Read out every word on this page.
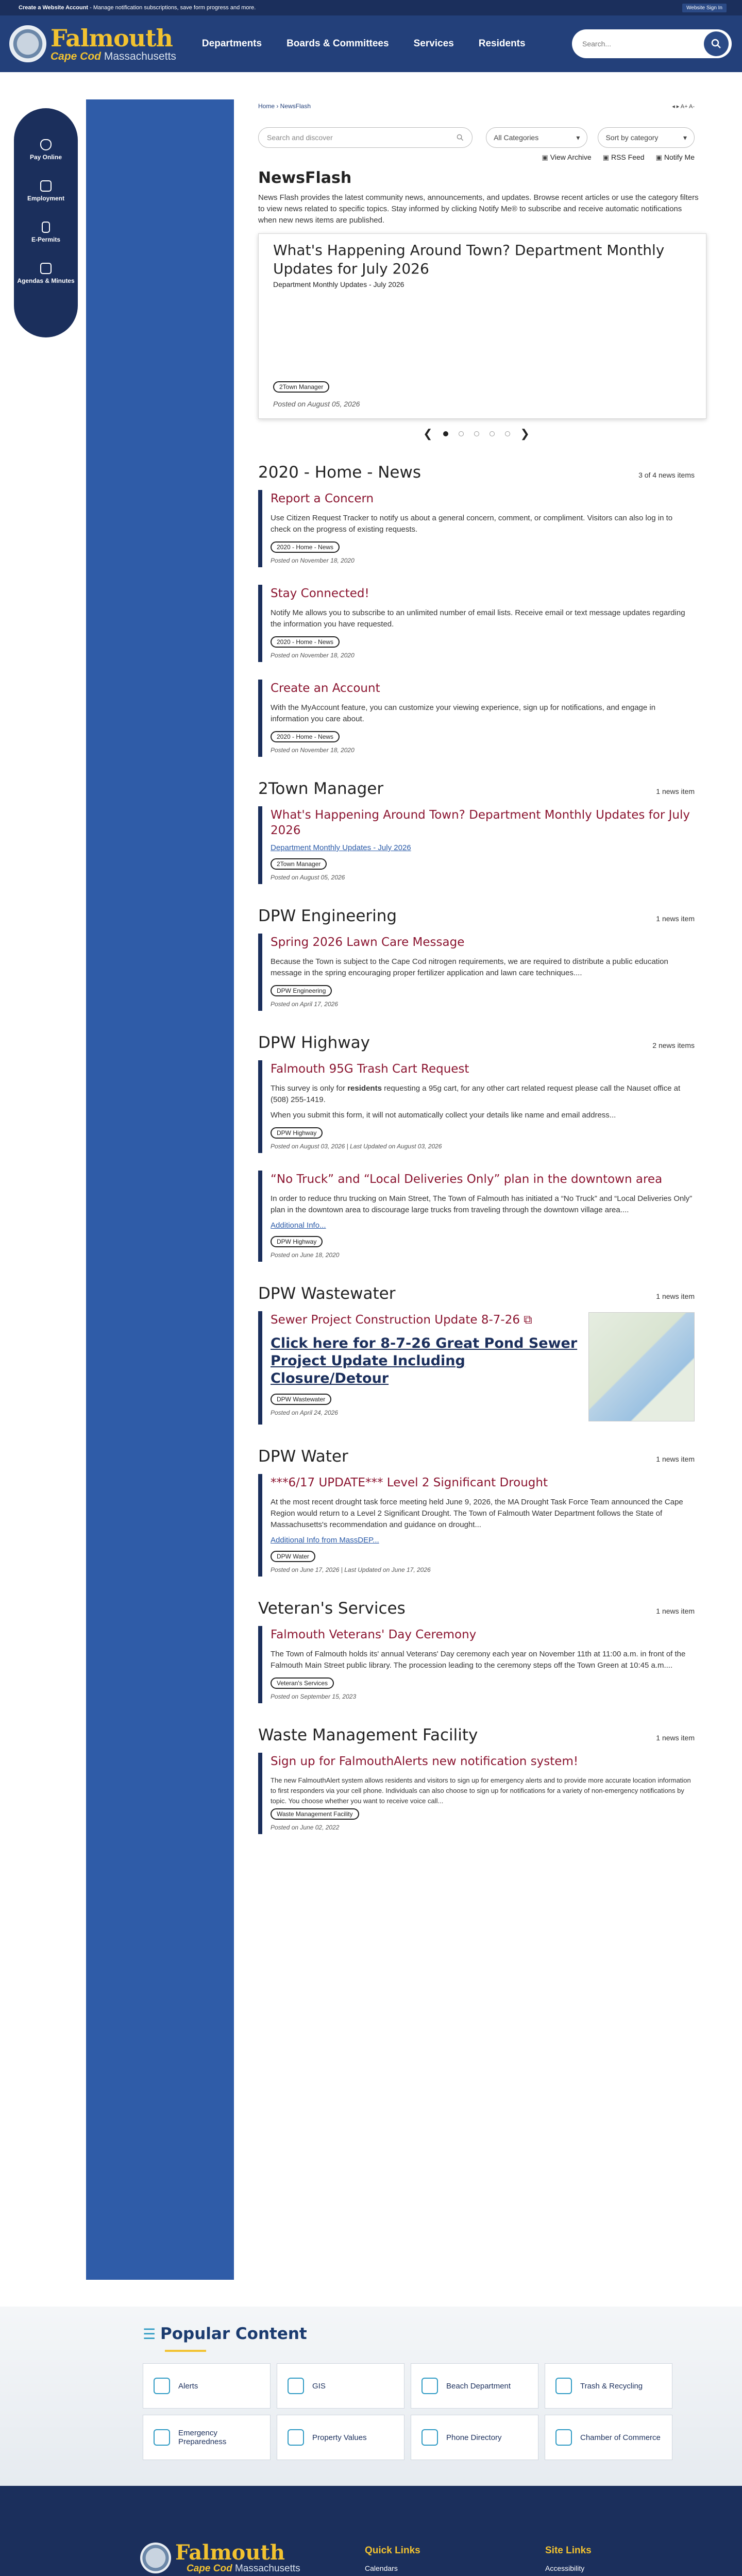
Create a Website Account - Manage notification subscriptions, save form progress and more.	Website Sign In
Falmouth
Cape Cod Massachusetts
Departments	Boards & Committees	Services	Residents
Search...
Pay Online
Employment
E-Permits
Agendas & Minutes
Home › NewsFlash	◂ ▸ A+ A-
Search and discover	All Categories	▾	Sort by category	▾
▣ View Archive	▣ RSS Feed	▣ Notify Me
NewsFlash

News Flash provides the latest community news, announcements, and updates. Browse recent articles or use the category filters to view news related to specific topics. Stay informed by clicking Notify Me® to subscribe and receive automatic notifications when new news items are published.

What's Happening Around Town? Department Monthly Updates for July 2026
Department Monthly Updates - July 2026
2Town Manager
Posted on August 05, 2026
❮	❯
2020 - Home - News	3 of 4 news items
Report a Concern

Use Citizen Request Tracker to notify us about a general concern, comment, or compliment. Visitors can also log in to check on the progress of existing requests.

2020 - Home - News
Posted on November 18, 2020
Stay Connected!

Notify Me allows you to subscribe to an unlimited number of email lists. Receive email or text message updates regarding the information you have requested.

2020 - Home - News
Posted on November 18, 2020
Create an Account

With the MyAccount feature, you can customize your viewing experience, sign up for notifications, and engage in information you care about.

2020 - Home - News
Posted on November 18, 2020
2Town Manager	1 news item
What's Happening Around Town? Department Monthly Updates for July 2026
Department Monthly Updates - July 2026
2Town Manager
Posted on August 05, 2026
DPW Engineering	1 news item
Spring 2026 Lawn Care Message

Because the Town is subject to the Cape Cod nitrogen requirements, we are required to distribute a public education message in the spring encouraging proper fertilizer application and lawn care techniques....

DPW Engineering
Posted on April 17, 2026
DPW Highway	2 news items
Falmouth 95G Trash Cart Request

This survey is only for residents requesting a 95g cart, for any other cart related request please call the Nauset office at (508) 255-1419.

When you submit this form, it will not automatically collect your details like name and email address...

DPW Highway
Posted on August 03, 2026 | Last Updated on August 03, 2026
“No Truck” and “Local Deliveries Only” plan in the downtown area

In order to reduce thru trucking on Main Street, The Town of Falmouth has initiated a “No Truck” and “Local Deliveries Only” plan in the downtown area to discourage large trucks from traveling through the downtown village area....

Additional Info...
DPW Highway
Posted on June 18, 2020
DPW Wastewater	1 news item
Sewer Project Construction Update 8-7-26 ⧉
Click here for 8-7-26 Great Pond Sewer Project Update Including Closure/Detour
DPW Wastewater
Posted on April 24, 2026
DPW Water	1 news item
***6/17 UPDATE*** Level 2 Significant Drought

At the most recent drought task force meeting held June 9, 2026, the MA Drought Task Force Team announced the Cape Region would return to a Level 2 Significant Drought. The Town of Falmouth Water Department follows the State of Massachusetts's recommendation and guidance on drought...

Additional Info from MassDEP...
DPW Water
Posted on June 17, 2026 | Last Updated on June 17, 2026
Veteran's Services	1 news item
Falmouth Veterans' Day Ceremony

The Town of Falmouth holds its' annual Veterans' Day ceremony each year on November 11th at 11:00 a.m. in front of the Falmouth Main Street public library. The procession leading to the ceremony steps off the Town Green at 10:45 a.m....

Veteran's Services
Posted on September 15, 2023
Waste Management Facility	1 news item
Sign up for FalmouthAlerts new notification system!

The new FalmouthAlert system allows residents and visitors to sign up for emergency alerts and to provide more accurate location information to first responders via your cell phone. Individuals can also choose to sign up for notifications for a variety of non-emergency notifications by topic. You choose whether you want to receive voice call...

Waste Management Facility
Posted on June 02, 2022
☰ Popular Content
Alerts	GIS	Beach Department	Trash & Recycling
Emergency Preparedness	Property Values	Phone Directory	Chamber of Commerce
Falmouth
Cape Cod Massachusetts
Quick Links
Calendars
Site Links
Accessibility
